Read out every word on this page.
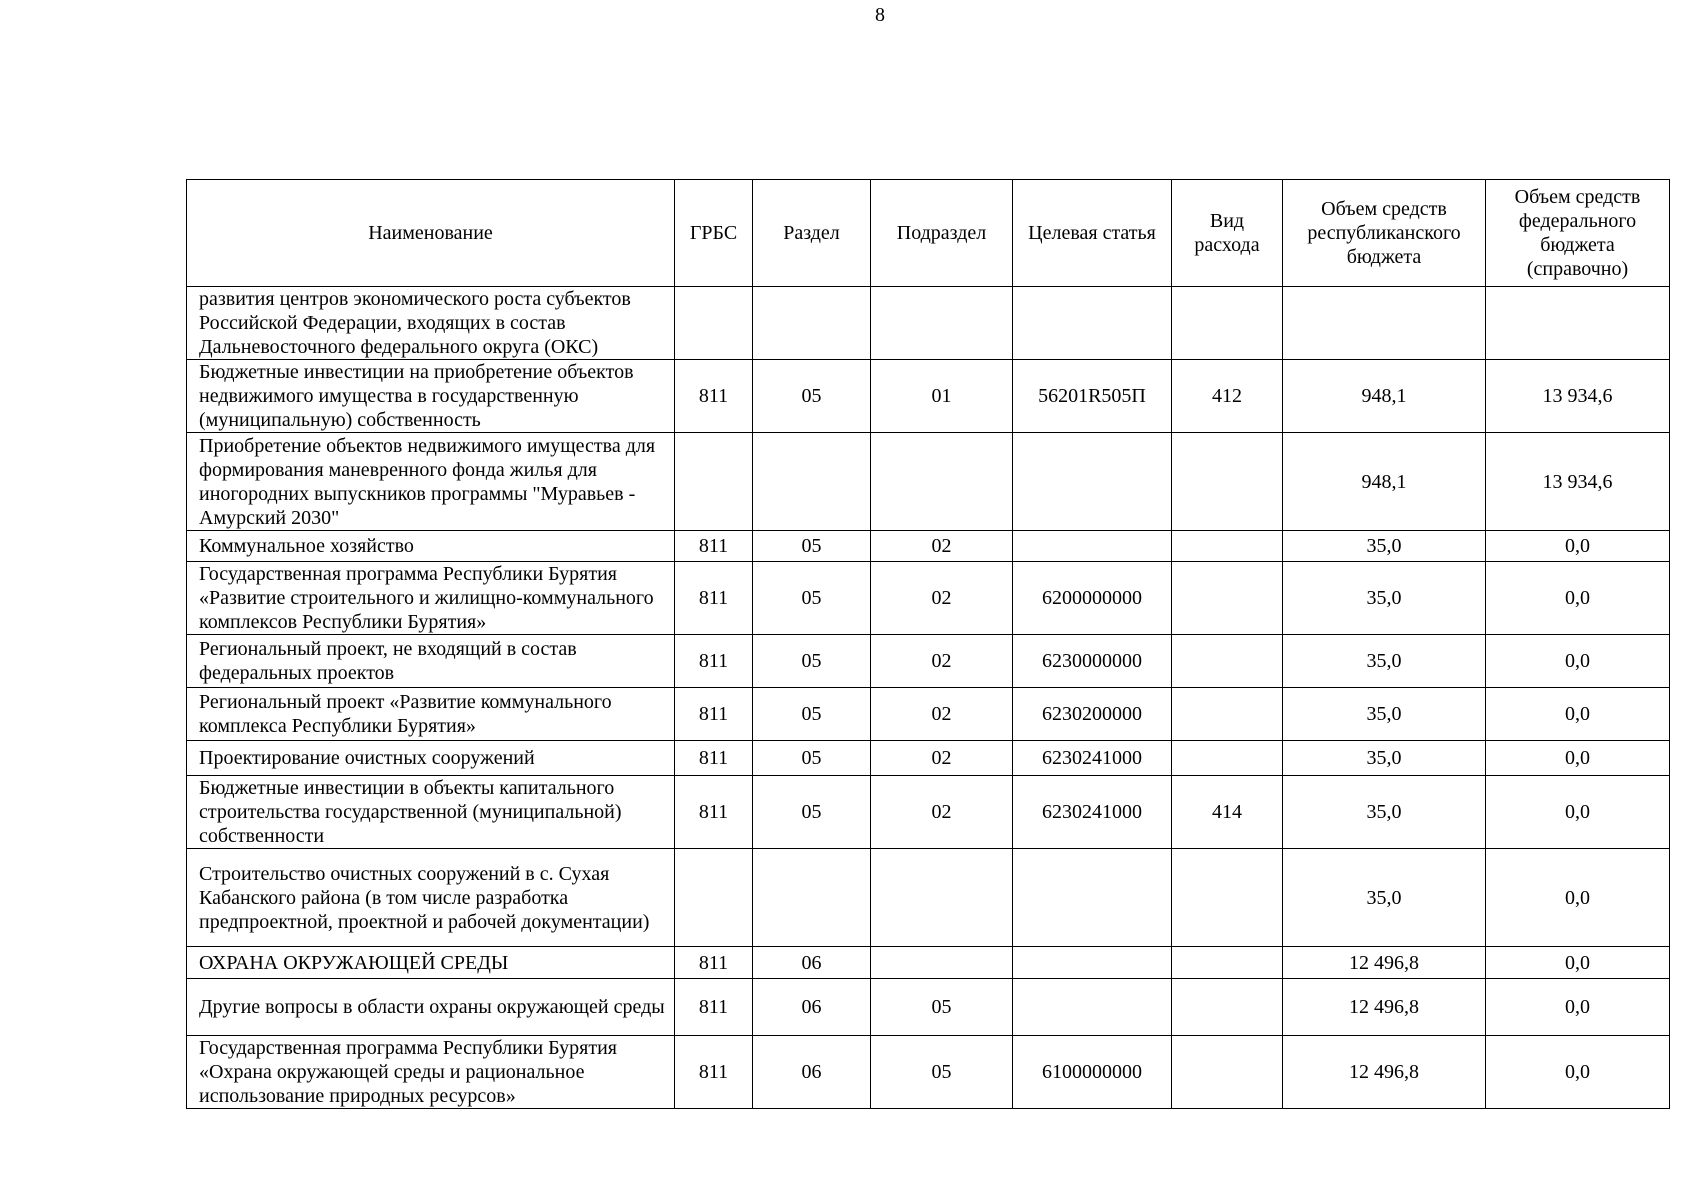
8
Наименование	ГРБС	Раздел	Подраздел	Целевая статья	Вид расхода	Объем средств республиканского бюджета	Объем средств федерального бюджета (справочно)
развития центров экономического роста субъектов Российской Федерации, входящих в состав Дальневосточного федерального округа (ОКС)							
Бюджетные инвестиции на приобретение объектов недвижимого имущества в государственную (муниципальную) собственность	811	05	01	56201R505П	412	948,1	13 934,6
Приобретение объектов недвижимого имущества для формирования маневренного фонда жилья для иногородних выпускников программы "Муравьев - Амурский 2030"						948,1	13 934,6
Коммунальное хозяйство	811	05	02			35,0	0,0
Государственная программа Республики Бурятия «Развитие строительного и жилищно-коммунального комплексов Республики Бурятия»	811	05	02	6200000000		35,0	0,0
Региональный проект, не входящий в состав федеральных проектов	811	05	02	6230000000		35,0	0,0
Региональный проект «Развитие коммунального комплекса Республики Бурятия»	811	05	02	6230200000		35,0	0,0
Проектирование очистных сооружений	811	05	02	6230241000		35,0	0,0
Бюджетные инвестиции в объекты капитального строительства государственной (муниципальной) собственности	811	05	02	6230241000	414	35,0	0,0
Строительство очистных сооружений в с. Сухая Кабанского района (в том числе разработка предпроектной, проектной и рабочей документации)						35,0	0,0
ОХРАНА ОКРУЖАЮЩЕЙ СРЕДЫ	811	06				12 496,8	0,0
Другие вопросы в области охраны окружающей среды	811	06	05			12 496,8	0,0
Государственная программа Республики Бурятия «Охрана окружающей среды и рациональное использование природных ресурсов»	811	06	05	6100000000		12 496,8	0,0
